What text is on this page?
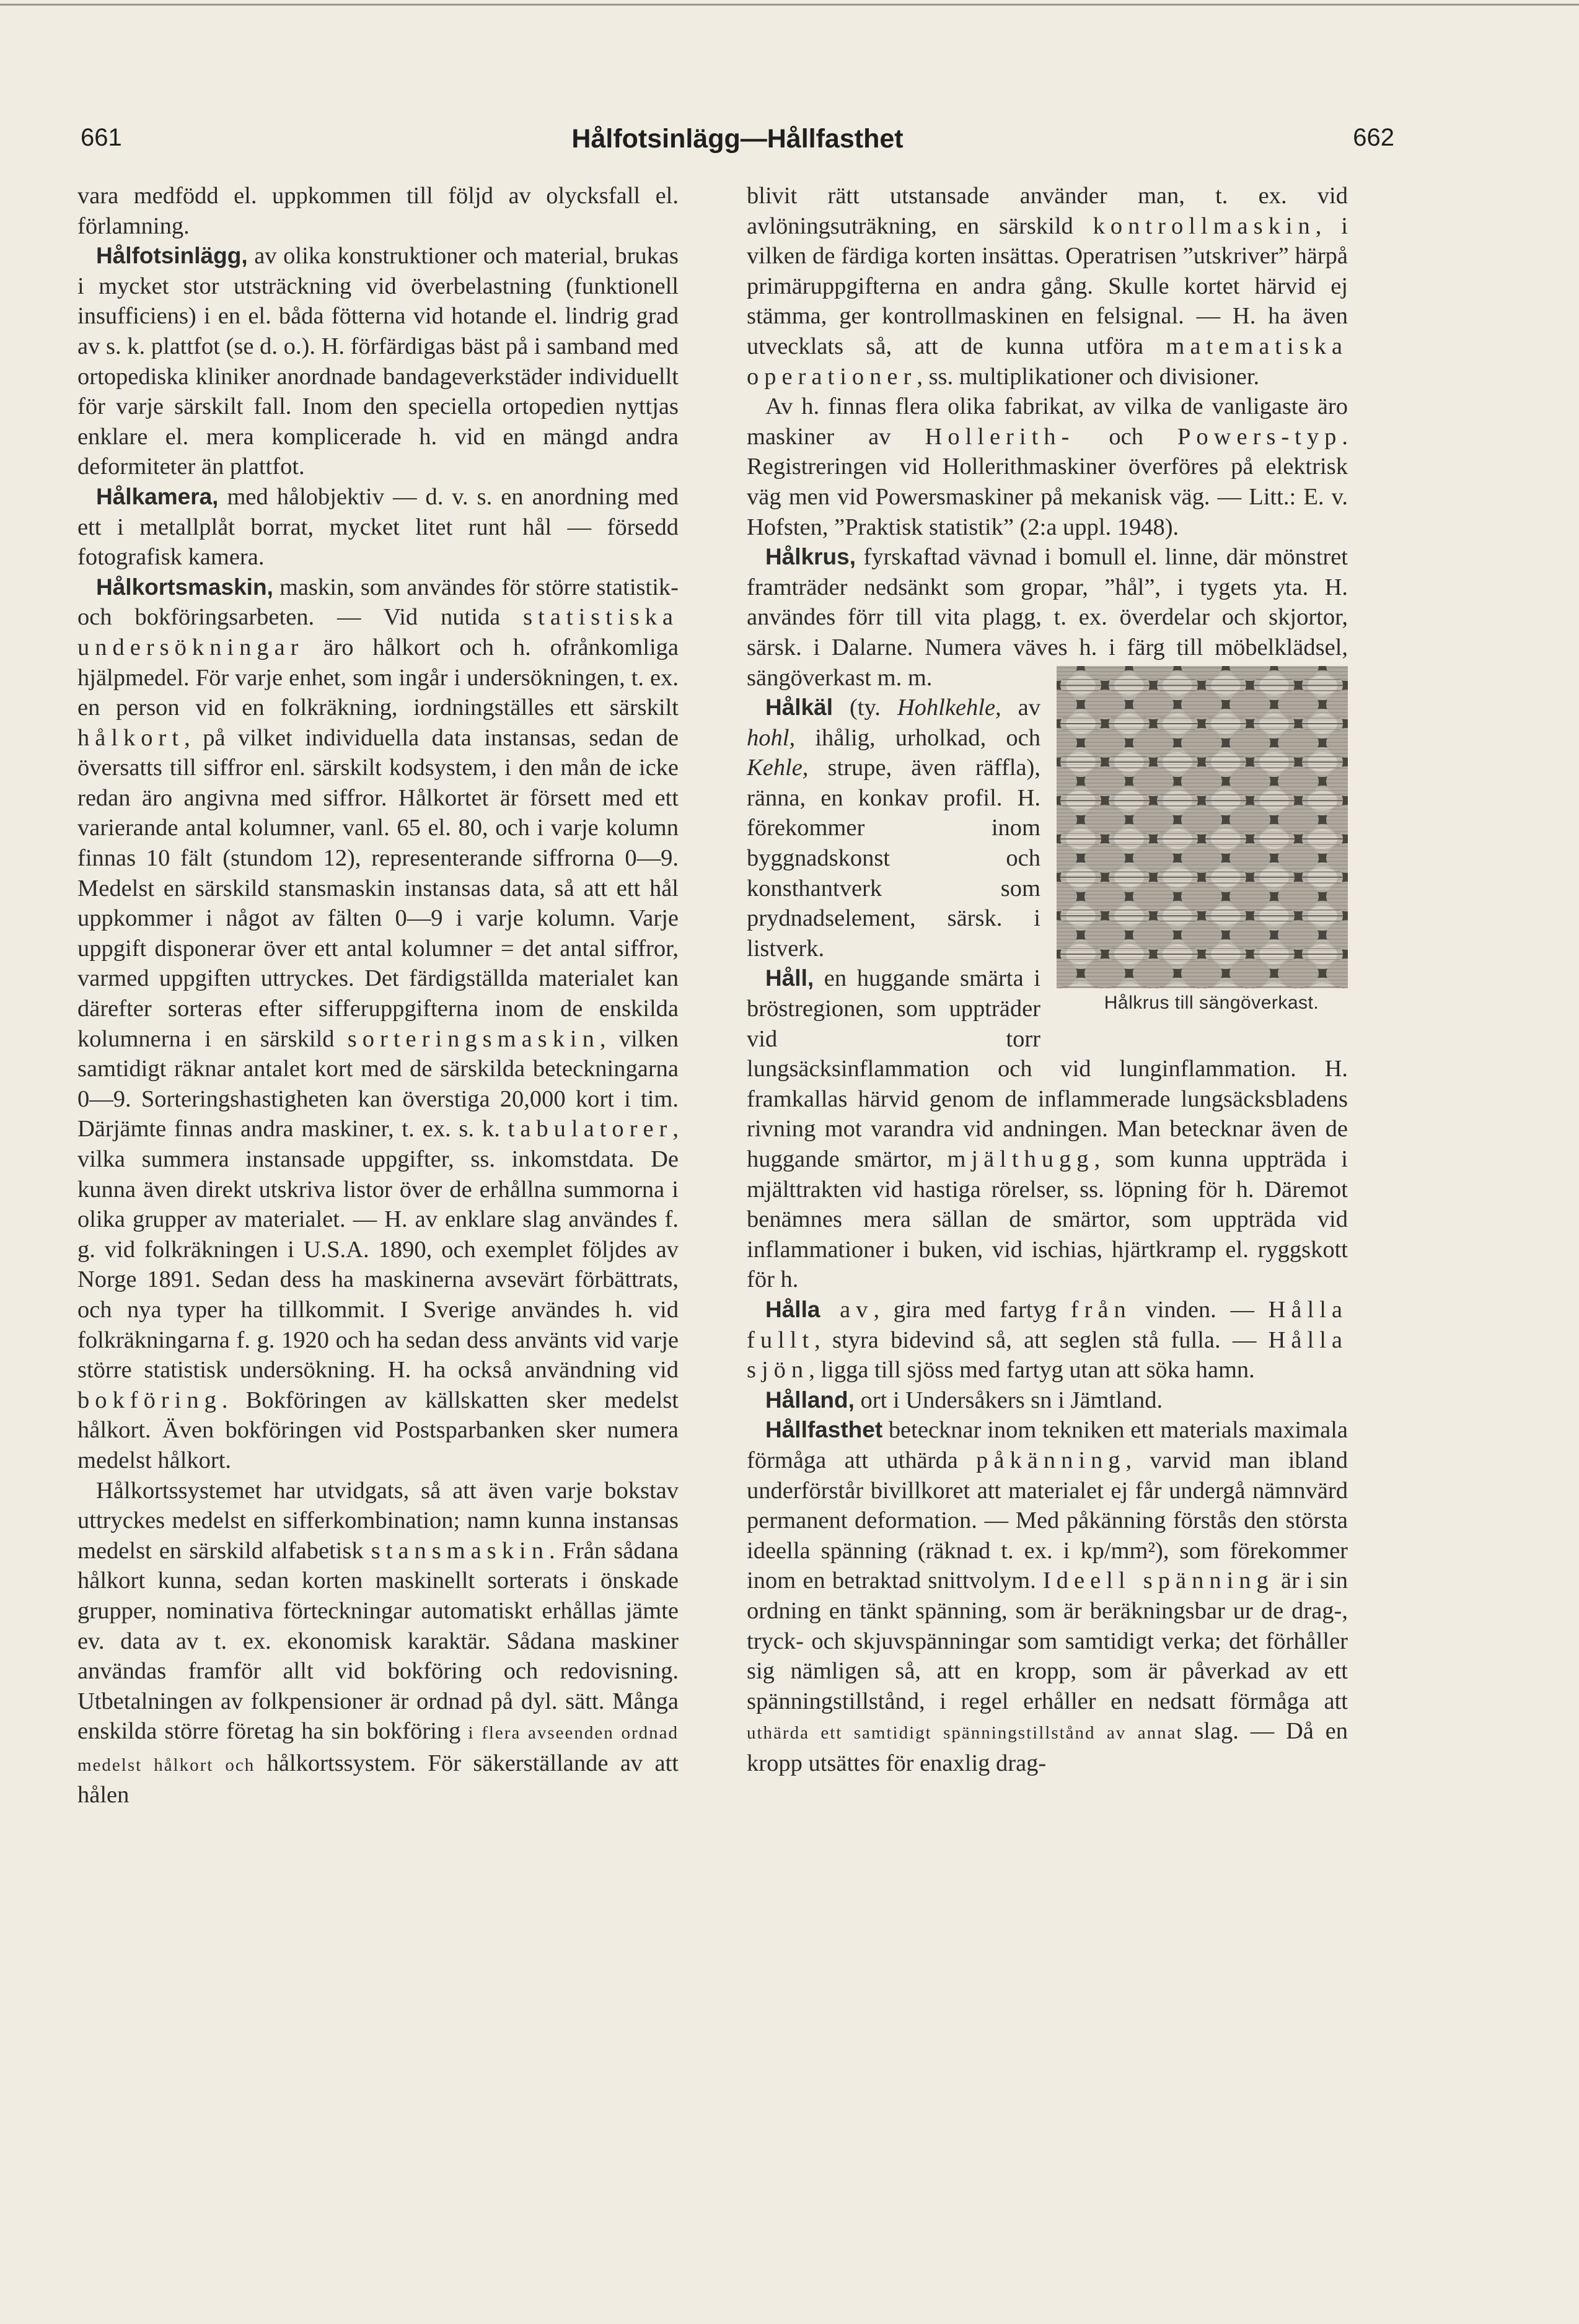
661	Hålfotsinlägg—Hållfasthet	662

vara medfödd el. uppkommen till följd av olycksfall el. förlamning.

Hålfotsinlägg, av olika konstruktioner och material, brukas i mycket stor utsträckning vid överbelastning (funktionell insufficiens) i en el. båda fötterna vid hotande el. lindrig grad av s. k. plattfot (se d. o.). H. förfärdigas bäst på i samband med ortopediska kliniker anordnade bandageverkstäder individuellt för varje särskilt fall. Inom den speciella ortopedien nyttjas enklare el. mera komplicerade h. vid en mängd andra deformiteter än plattfot.

Hålkamera, med hålobjektiv — d. v. s. en anordning med ett i metallplåt borrat, mycket litet runt hål — försedd fotografisk kamera.

Hålkortsmaskin, maskin, som användes för större statistik- och bokföringsarbeten. — Vid nutida statistiska undersökningar äro hålkort och h. ofrånkomliga hjälpmedel. För varje enhet, som ingår i undersökningen, t. ex. en person vid en folkräkning, iordningställes ett särskilt hålkort, på vilket individuella data instansas, sedan de översatts till siffror enl. särskilt kodsystem, i den mån de icke redan äro angivna med siffror. Hålkortet är försett med ett varierande antal kolumner, vanl. 65 el. 80, och i varje kolumn finnas 10 fält (stundom 12), representerande siffrorna 0—9. Medelst en särskild stansmaskin instansas data, så att ett hål uppkommer i något av fälten 0—9 i varje kolumn. Varje uppgift disponerar över ett antal kolumner = det antal siffror, varmed uppgiften uttryckes. Det färdigställda materialet kan därefter sorteras efter sifferuppgifterna inom de enskilda kolumnerna i en särskild sorteringsmaskin, vilken samtidigt räknar antalet kort med de särskilda beteckningarna 0—9. Sorteringshastigheten kan överstiga 20,000 kort i tim. Därjämte finnas andra maskiner, t. ex. s. k. tabulatorer, vilka summera instansade uppgifter, ss. inkomstdata. De kunna även direkt utskriva listor över de erhållna summorna i olika grupper av materialet. — H. av enklare slag användes f. g. vid folkräkningen i U.S.A. 1890, och exemplet följdes av Norge 1891. Sedan dess ha maskinerna avsevärt förbättrats, och nya typer ha tillkommit. I Sverige användes h. vid folkräkningarna f. g. 1920 och ha sedan dess använts vid varje större statistisk undersökning. H. ha också användning vid bokföring. Bokföringen av källskatten sker medelst hålkort. Även bokföringen vid Postsparbanken sker numera medelst hålkort.

Hålkortssystemet har utvidgats, så att även varje bokstav uttryckes medelst en sifferkombination; namn kunna instansas medelst en särskild alfabetisk stansmaskin. Från sådana hålkort kunna, sedan korten maskinellt sorterats i önskade grupper, nominativa förteckningar automatiskt erhållas jämte ev. data av t. ex. ekonomisk karaktär. Sådana maskiner användas framför allt vid bokföring och redovisning. Utbetalningen av folkpensioner är ordnad på dyl. sätt. Många enskilda större företag ha sin bokföring i flera avseenden ordnad medelst hålkort och hålkortssystem. För säkerställande av att hålen

blivit rätt utstansade använder man, t. ex. vid avlöningsuträkning, en särskild kontrollmaskin, i vilken de färdiga korten insättas. Operatrisen ”utskriver” härpå primäruppgifterna en andra gång. Skulle kortet härvid ej stämma, ger kontrollmaskinen en felsignal. — H. ha även utvecklats så, att de kunna utföra matematiska operationer, ss. multiplikationer och divisioner.

Av h. finnas flera olika fabrikat, av vilka de vanligaste äro maskiner av Hollerith- och Powers-typ. Registreringen vid Hollerithmaskiner överföres på elektrisk väg men vid Powersmaskiner på mekanisk väg. — Litt.: E. v. Hofsten, ”Praktisk statistik” (2:a uppl. 1948).

Hålkrus, fyrskaftad vävnad i bomull el. linne, där mönstret framträder nedsänkt som gropar, ”hål”, i tygets yta. H. användes förr till vita plagg, t. ex. överdelar och skjortor, särsk. i Dalarne. Numera väves h. i färg till möbelklädsel, sängöverkast m. m.
Hålkrus till sängöverkast.

Hålkäl (ty. Hohlkehle, av hohl, ihålig, urholkad, och Kehle, strupe, även räffla), ränna, en konkav profil. H. förekommer inom byggnadskonst och konsthantverk som prydnadselement, särsk. i listverk.

Håll, en huggande smärta i bröstregionen, som uppträder vid torr lungsäcksinflammation och vid lunginflammation. H. framkallas härvid genom de inflammerade lungsäcksbladens rivning mot varandra vid andningen. Man betecknar även de huggande smärtor, mjälthugg, som kunna uppträda i mjälttrakten vid hastiga rörelser, ss. löpning för h. Däremot benämnes mera sällan de smärtor, som uppträda vid inflammationer i buken, vid ischias, hjärtkramp el. ryggskott för h.

Hålla av, gira med fartyg från vinden. — Hålla fullt, styra bidevind så, att seglen stå fulla. — Hålla sjön, ligga till sjöss med fartyg utan att söka hamn.

Hålland, ort i Undersåkers sn i Jämtland.

Hållfasthet betecknar inom tekniken ett materials maximala förmåga att uthärda påkänning, varvid man ibland underförstår bivillkoret att materialet ej får undergå nämnvärd permanent deformation. — Med påkänning förstås den största ideella spänning (räknad t. ex. i kp/mm²), som förekommer inom en betraktad snittvolym. Ideell spänning är i sin ordning en tänkt spänning, som är beräkningsbar ur de drag-, tryck- och skjuvspänningar som samtidigt verka; det förhåller sig nämligen så, att en kropp, som är påverkad av ett spänningstillstånd, i regel erhåller en nedsatt förmåga att uthärda ett samtidigt spänningstillstånd av annat slag. — Då en kropp utsättes för enaxlig drag-
